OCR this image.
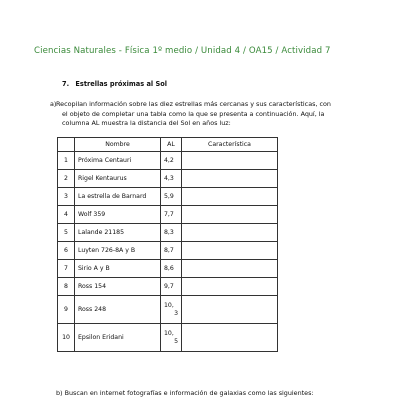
Ciencias Naturales - Física 1º medio / Unidad 4 / OA15 / Actividad 7
7. Estrellas próximas al Sol
a) Recopilan información sobre las diez estrellas más cercanas y sus características, con
el objeto de completar una tabla como la que se presenta a continuación. Aquí, la
columna AL muestra la distancia del Sol en años luz:
	Nombre	AL	Característica
1	Próxima Centauri	4,2	

2	Rigel Kentaurus	4,3	

3	La estrella de Barnard	5,9	

4	Wolf 359	7,7	

5	Lalande 21185	8,3	

6	Luyten 726-8A y B	8,7	

7	Sirio A y B	8,6	

8	Ross 154	9,7	

9	Ross 248	10,
3	

10	Epsilon Eridani	10,
5	

b) Buscan en internet fotografías e información de galaxias como las siguientes:
